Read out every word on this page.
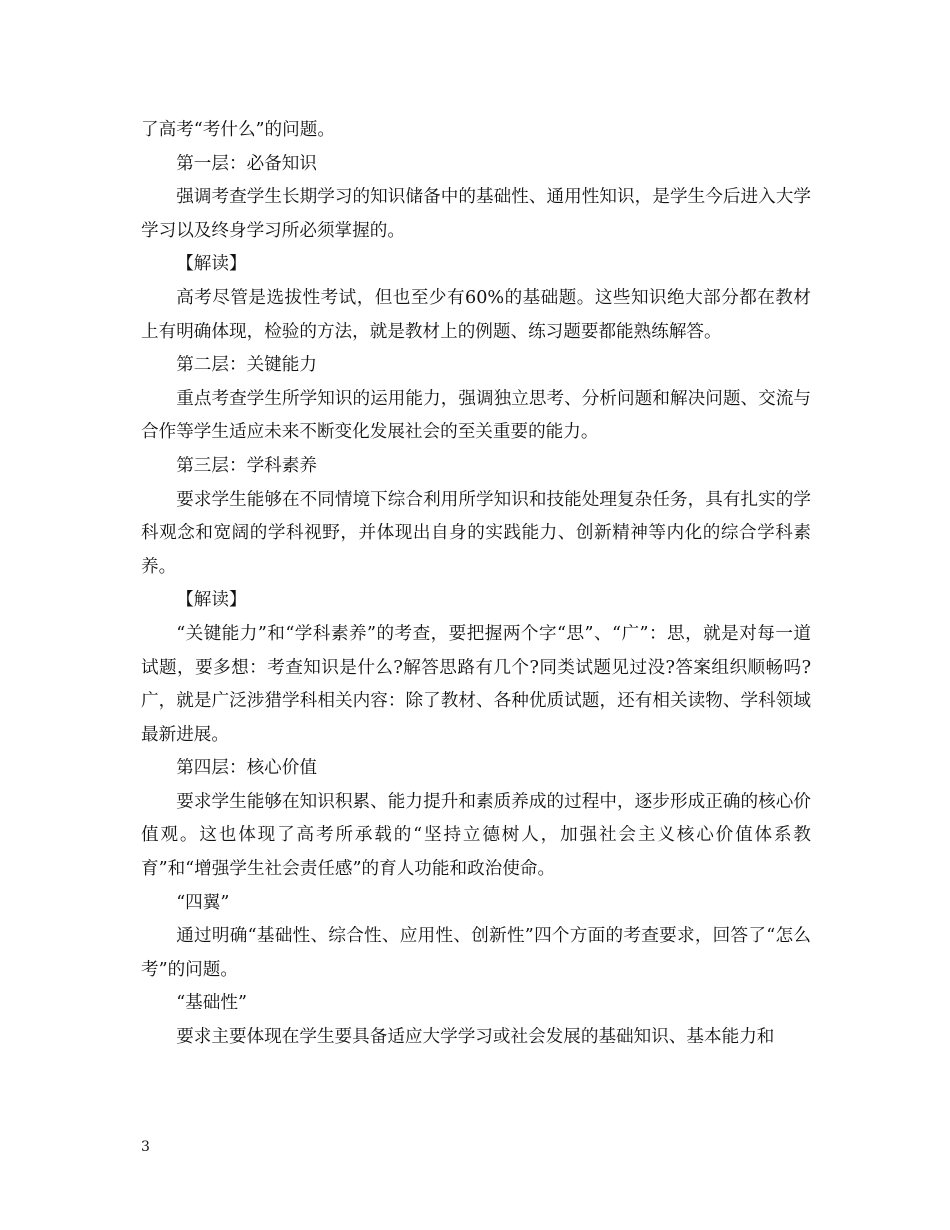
了高考“考什么”的问题。

第一层：必备知识

强调考查学生长期学习的知识储备中的基础性、通用性知识，是学生今后进入大学学习以及终身学习所必须掌握的。

【解读】

高考尽管是选拔性考试，但也至少有60%的基础题。这些知识绝大部分都在教材上有明确体现，检验的方法，就是教材上的例题、练习题要都能熟练解答。

第二层：关键能力

重点考查学生所学知识的运用能力，强调独立思考、分析问题和解决问题、交流与合作等学生适应未来不断变化发展社会的至关重要的能力。

第三层：学科素养

要求学生能够在不同情境下综合利用所学知识和技能处理复杂任务，具有扎实的学科观念和宽阔的学科视野，并体现出自身的实践能力、创新精神等内化的综合学科素养。

【解读】

“关键能力”和“学科素养”的考查，要把握两个字“思”、“广”：思，就是对每一道试题，要多想：考查知识是什么?解答思路有几个?同类试题见过没?答案组织顺畅吗?广，就是广泛涉猎学科相关内容：除了教材、各种优质试题，还有相关读物、学科领域最新进展。

第四层：核心价值

要求学生能够在知识积累、能力提升和素质养成的过程中，逐步形成正确的核心价值观。这也体现了高考所承载的“坚持立德树人，加强社会主义核心价值体系教育”和“增强学生社会责任感”的育人功能和政治使命。

“四翼”

通过明确“基础性、综合性、应用性、创新性”四个方面的考查要求，回答了“怎么考”的问题。

“基础性”

要求主要体现在学生要具备适应大学学习或社会发展的基础知识、基本能力和

3
